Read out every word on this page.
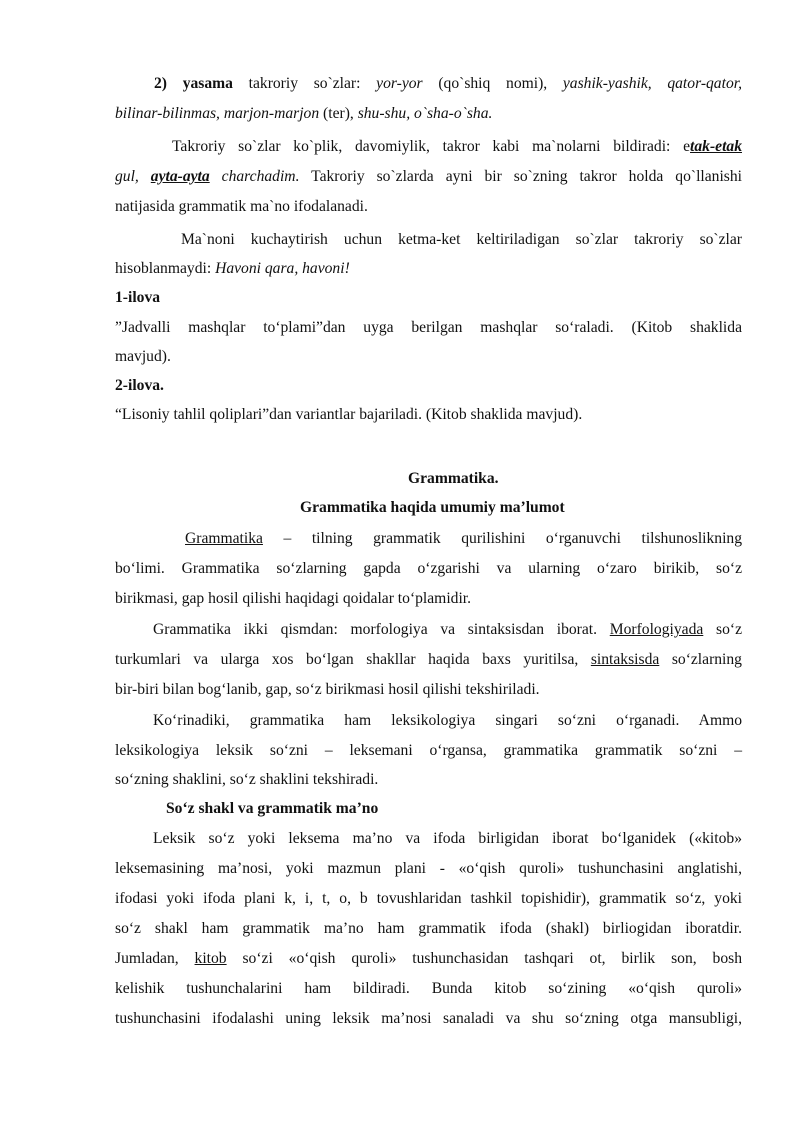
2) yasama takroriy so`zlar: yor-yor (qo`shiq nomi), yashik-yashik, qator-qator,
bilinar-bilinmas, marjon-marjon (ter), shu-shu, o`sha-o`sha.
Takroriy so`zlar ko`plik, davomiylik, takror kabi ma`nolarni bildiradi: etak-etak
gul, ayta-ayta charchadim. Takroriy so`zlarda ayni bir so`zning takror holda qo`llanishi
natijasida grammatik ma`no ifodalanadi.
Ma`noni kuchaytirish uchun ketma-ket keltiriladigan so`zlar takroriy so`zlar
hisoblanmaydi: Havoni qara, havoni!
1-ilova
”Jadvalli mashqlar to‘plami”dan uyga berilgan mashqlar so‘raladi. (Kitob shaklida
mavjud).
2-ilova.
“Lisoniy tahlil qoliplari”dan variantlar bajariladi. (Kitob shaklida mavjud).
Grammatika.
Grammatika haqida umumiy ma’lumot
Grammatika – tilning grammatik qurilishini o‘rganuvchi tilshunoslikning
bo‘limi. Grammatika so‘zlarning gapda o‘zgarishi va ularning o‘zaro birikib, so‘z
birikmasi, gap hosil qilishi haqidagi qoidalar to‘plamidir.
Grammatika ikki qismdan: morfologiya va sintaksisdan iborat. Morfologiyada so‘z
turkumlari va ularga xos bo‘lgan shakllar haqida baxs yuritilsa, sintaksisda so‘zlarning
bir-biri bilan bog‘lanib, gap, so‘z birikmasi hosil qilishi tekshiriladi.
Ko‘rinadiki, grammatika ham leksikologiya singari so‘zni o‘rganadi. Ammo
leksikologiya leksik so‘zni – leksemani o‘rgansa, grammatika grammatik so‘zni –
so‘zning shaklini, so‘z shaklini tekshiradi.
So‘z shakl va grammatik ma’no
Leksik so‘z yoki leksema ma’no va ifoda birligidan iborat bo‘lganidek («kitob»
leksemasining ma’nosi, yoki mazmun plani - «o‘qish quroli» tushunchasini anglatishi,
ifodasi yoki ifoda plani k, i, t, o, b tovushlaridan tashkil topishidir), grammatik so‘z, yoki
so‘z shakl ham grammatik ma’no ham grammatik ifoda (shakl) birliogidan iboratdir.
Jumladan, kitob so‘zi «o‘qish quroli» tushunchasidan tashqari ot, birlik son, bosh
kelishik tushunchalarini ham bildiradi. Bunda kitob so‘zining «o‘qish quroli»
tushunchasini ifodalashi uning leksik ma’nosi sanaladi va shu so‘zning otga mansubligi,
